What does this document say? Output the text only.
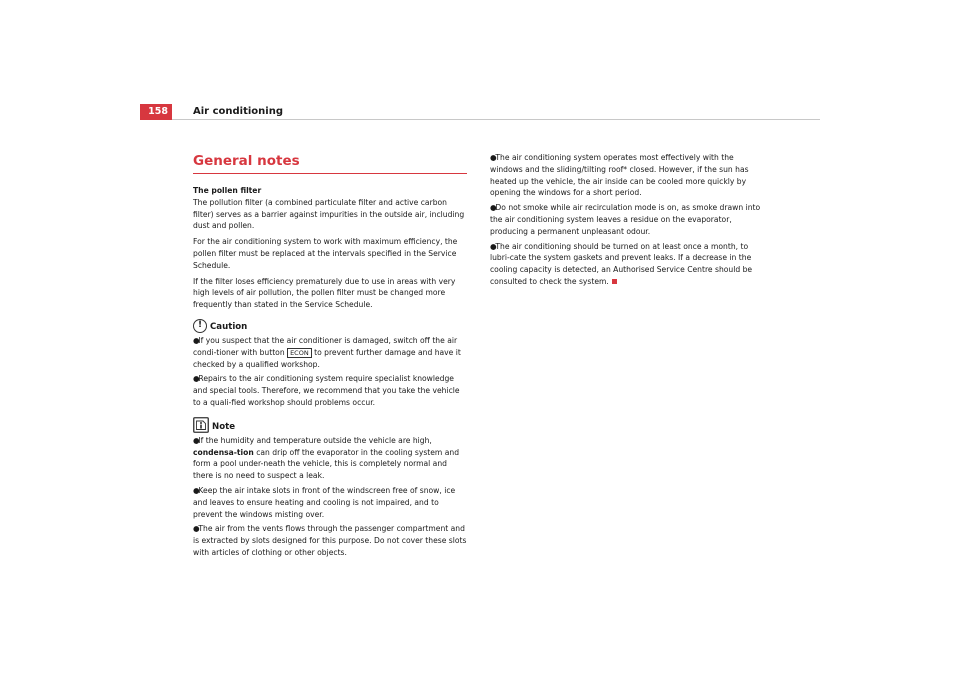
158	Air conditioning
General notes
The pollen filter

The pollution filter (a combined particulate filter and active carbon filter) serves as a barrier against impurities in the outside air, including dust and pollen.

For the air conditioning system to work with maximum efficiency, the pollen filter must be replaced at the intervals specified in the Service Schedule.

If the filter loses efficiency prematurely due to use in areas with very high levels of air pollution, the pollen filter must be changed more frequently than stated in the Service Schedule.

! Caution
● If you suspect that the air conditioner is damaged, switch off the air condi-tioner with button ECON to prevent further damage and have it checked by a qualified workshop.
● Repairs to the air conditioning system require specialist knowledge and special tools. Therefore, we recommend that you take the vehicle to a quali-fied workshop should problems occur.
Note
● If the humidity and temperature outside the vehicle are high, condensa-tion can drip off the evaporator in the cooling system and form a pool under-neath the vehicle, this is completely normal and there is no need to suspect a leak.
● Keep the air intake slots in front of the windscreen free of snow, ice and leaves to ensure heating and cooling is not impaired, and to prevent the windows misting over.
● The air from the vents flows through the passenger compartment and is extracted by slots designed for this purpose. Do not cover these slots with articles of clothing or other objects.
● The air conditioning system operates most effectively with the windows and the sliding/tilting roof* closed. However, if the sun has heated up the vehicle, the air inside can be cooled more quickly by opening the windows for a short period.
● Do not smoke while air recirculation mode is on, as smoke drawn into the air conditioning system leaves a residue on the evaporator, producing a permanent unpleasant odour.
● The air conditioning should be turned on at least once a month, to lubri-cate the system gaskets and prevent leaks. If a decrease in the cooling capacity is detected, an Authorised Service Centre should be consulted to check the system.
